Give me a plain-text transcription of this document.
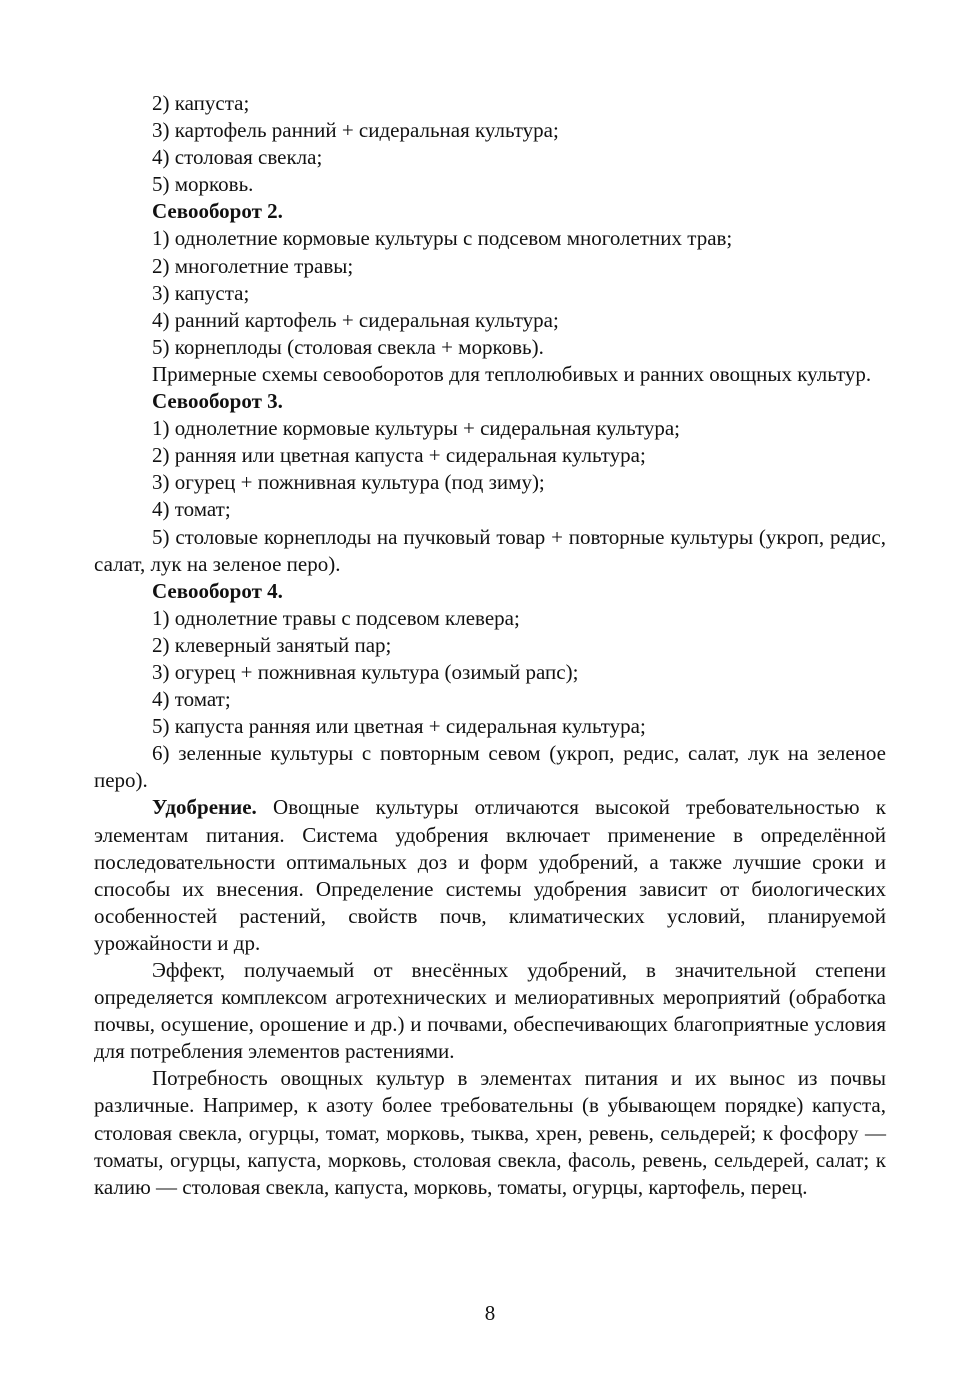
2) капуста;

3) картофель ранний + сидеральная культура;

4) столовая свекла;

5) морковь.

Севооборот 2.

1) однолетние кормовые культуры с подсевом многолетних трав;

2) многолетние травы;

3) капуста;

4) ранний картофель + сидеральная культура;

5) корнеплоды (столовая свекла + морковь).

Примерные схемы севооборотов для теплолюбивых и ранних овощных культур.

Севооборот 3.

1) однолетние кормовые культуры + сидеральная культура;

2) ранняя или цветная капуста + сидеральная культура;

3) огурец + пожнивная культура (под зиму);

4) томат;

5) столовые корнеплоды на пучковый товар + повторные культуры (укроп, редис, салат, лук на зеленое перо).

Севооборот 4.

1) однолетние травы с подсевом клевера;

2) клеверный занятый пар;

3) огурец + пожнивная культура (озимый рапс);

4) томат;

5) капуста ранняя или цветная + сидеральная культура;

6) зеленные культуры с повторным севом (укроп, редис, салат, лук на зеленое перо).

Удобрение. Овощные культуры отличаются высокой требовательностью к элементам питания. Система удобрения включает применение в определённой последовательности оптимальных доз и форм удобрений, а также лучшие сроки и способы их внесения. Определение системы удобрения зависит от биологических особенностей растений, свойств почв, климатических условий, планируемой урожайности и др.

Эффект, получаемый от внесённых удобрений, в значительной степени определяется комплексом агротехнических и мелиоративных мероприятий (обработка почвы, осушение, орошение и др.) и почвами, обеспечивающих благоприятные условия для потребления элементов растениями.

Потребность овощных культур в элементах питания и их вынос из почвы различные. Например, к азоту более требовательны (в убывающем порядке) капуста, столовая свекла, огурцы, томат, морковь, тыква, хрен, ревень, сельдерей; к фосфору — томаты, огурцы, капуста, морковь, столовая свекла, фасоль, ревень, сельдерей, салат; к калию — столовая свекла, капуста, морковь, томаты, огурцы, картофель, перец.

8
